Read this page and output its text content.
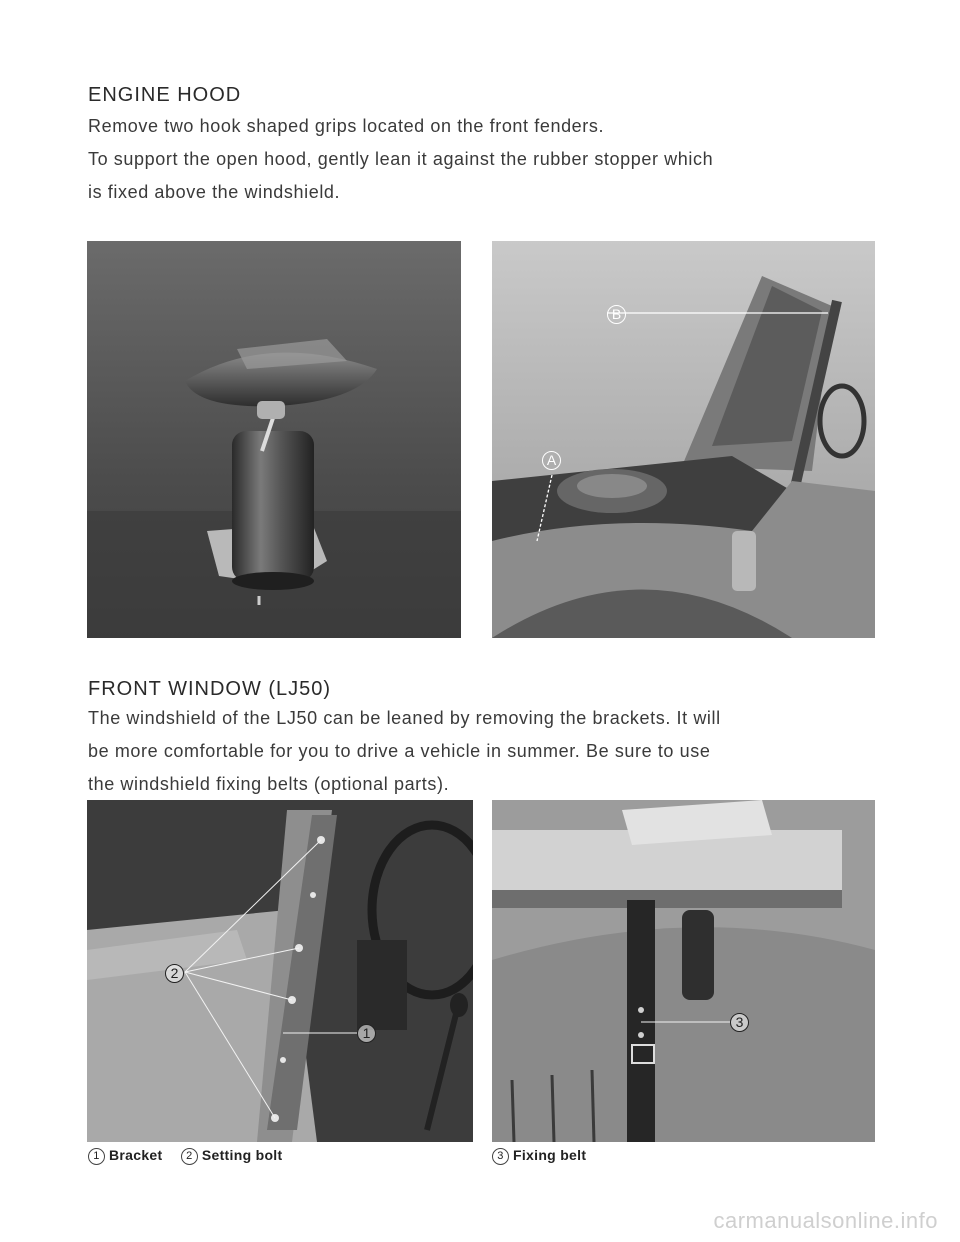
ENGINE HOOD
Remove two hook shaped grips located on the front fenders.
To support the open hood, gently lean it against the rubber stopper which
is fixed above the windshield.
B
A
FRONT WINDOW (LJ50)
The windshield of the LJ50 can be leaned by removing the brackets. It will
be more comfortable for you to drive a vehicle in summer. Be sure to use
the windshield fixing belts (optional parts).
2
1
3
1 Bracket 2 Setting bolt	3 Fixing belt
carmanualsonline.info
